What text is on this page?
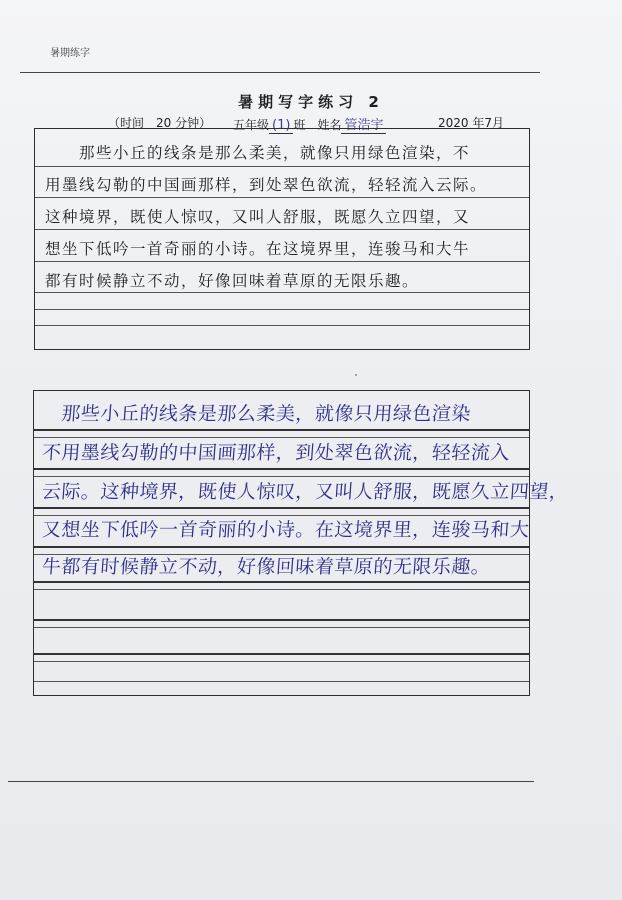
暑期练字
暑期写字练习 2
（时间　20 分钟） 五年级 (1) 班　姓名 管浩宇	2020 年7月
　　那些小丘的线条是那么柔美，就像只用绿色渲染，不
用墨线勾勒的中国画那样，到处翠色欲流，轻轻流入云际。
这种境界，既使人惊叹，又叫人舒服，既愿久立四望，又
想坐下低吟一首奇丽的小诗。在这境界里，连骏马和大牛
都有时候静立不动，好像回味着草原的无限乐趣。
　那些小丘的线条是那么柔美，就像只用绿色渲染
不用墨线勾勒的中国画那样，到处翠色欲流，轻轻流入
云际。这种境界，既使人惊叹，又叫人舒服，既愿久立四望，
又想坐下低吟一首奇丽的小诗。在这境界里，连骏马和大
牛都有时候静立不动，好像回味着草原的无限乐趣。
